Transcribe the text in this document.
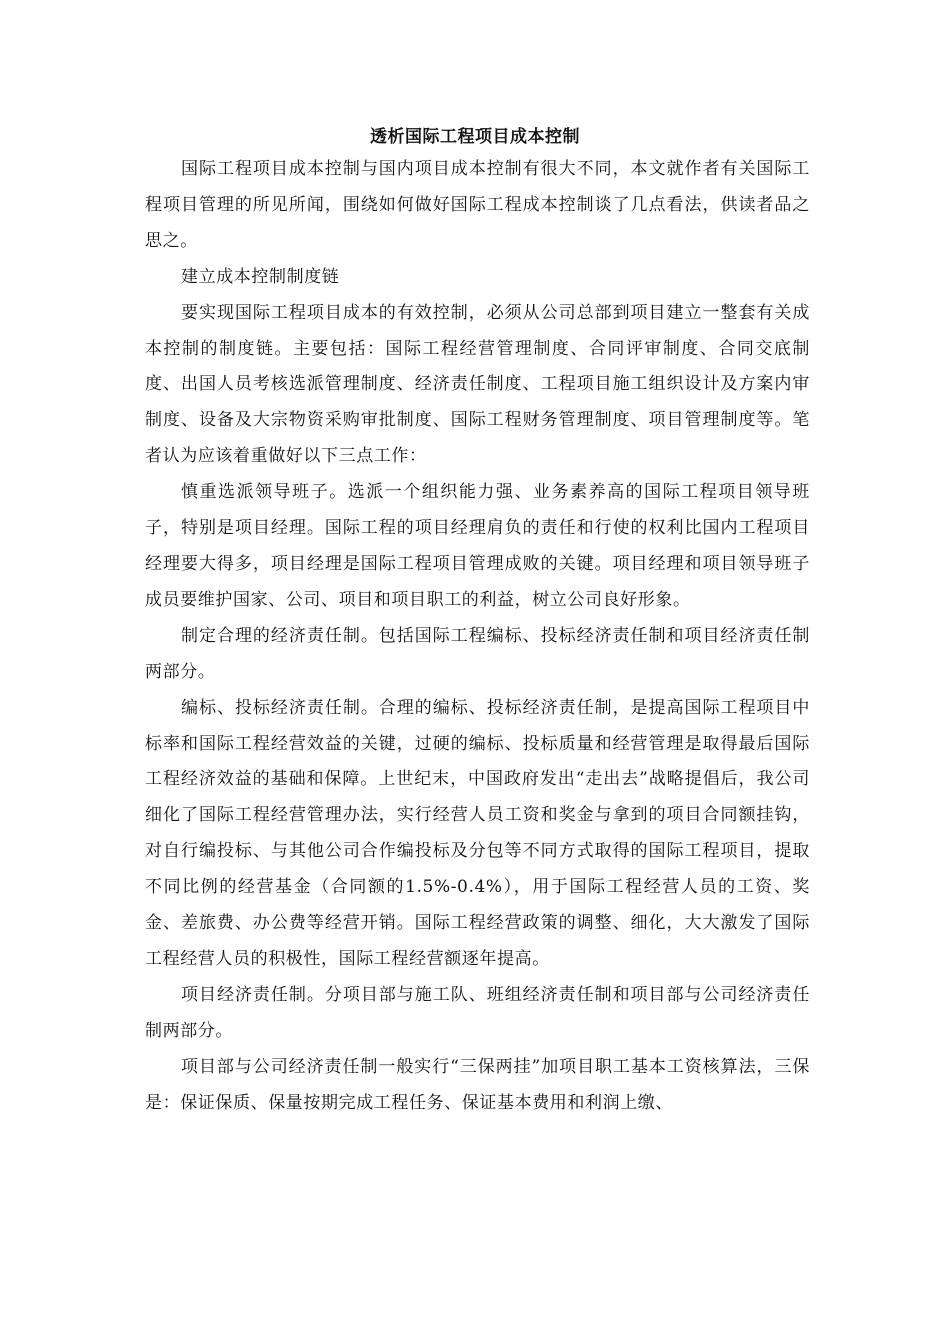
透析国际工程项目成本控制

国际工程项目成本控制与国内项目成本控制有很大不同，本文就作者有关国际工程项目管理的所见所闻，围绕如何做好国际工程成本控制谈了几点看法，供读者品之思之。

建立成本控制制度链

要实现国际工程项目成本的有效控制，必须从公司总部到项目建立一整套有关成本控制的制度链。主要包括：国际工程经营管理制度、合同评审制度、合同交底制度、出国人员考核选派管理制度、经济责任制度、工程项目施工组织设计及方案内审制度、设备及大宗物资采购审批制度、国际工程财务管理制度、项目管理制度等。笔者认为应该着重做好以下三点工作：

慎重选派领导班子。选派一个组织能力强、业务素养高的国际工程项目领导班子，特别是项目经理。国际工程的项目经理肩负的责任和行使的权利比国内工程项目经理要大得多，项目经理是国际工程项目管理成败的关键。项目经理和项目领导班子成员要维护国家、公司、项目和项目职工的利益，树立公司良好形象。

制定合理的经济责任制。包括国际工程编标、投标经济责任制和项目经济责任制两部分。

编标、投标经济责任制。合理的编标、投标经济责任制，是提高国际工程项目中标率和国际工程经营效益的关键，过硬的编标、投标质量和经营管理是取得最后国际工程经济效益的基础和保障。上世纪末，中国政府发出“走出去”战略提倡后，我公司细化了国际工程经营管理办法，实行经营人员工资和奖金与拿到的项目合同额挂钩，对自行编投标、与其他公司合作编投标及分包等不同方式取得的国际工程项目，提取不同比例的经营基金（合同额的1.5%-0.4%），用于国际工程经营人员的工资、奖金、差旅费、办公费等经营开销。国际工程经营政策的调整、细化，大大激发了国际工程经营人员的积极性，国际工程经营额逐年提高。

项目经济责任制。分项目部与施工队、班组经济责任制和项目部与公司经济责任制两部分。

项目部与公司经济责任制一般实行“三保两挂”加项目职工基本工资核算法，三保是：保证保质、保量按期完成工程任务、保证基本费用和利润上缴、
